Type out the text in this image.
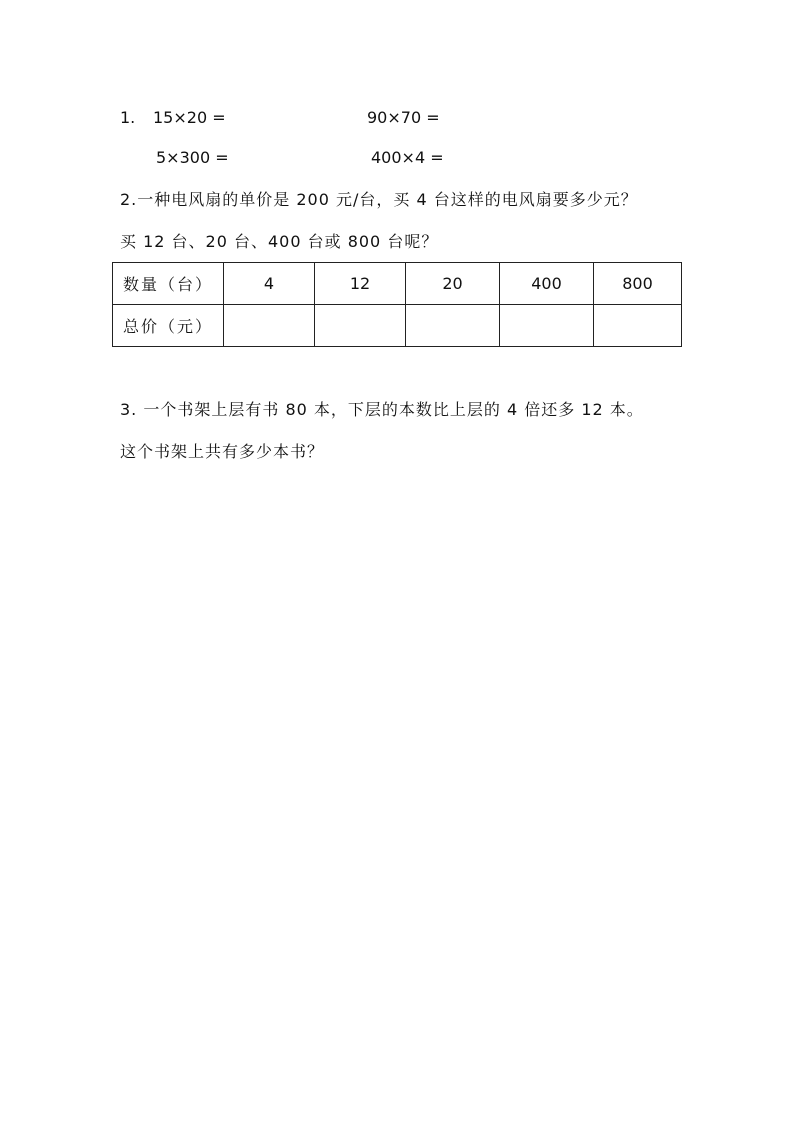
1. 15×20 =	90×70 =
5×300 =	400×4 =
2.一种电风扇的单价是 200 元/台，买 4 台这样的电风扇要多少元？
买 12 台、20 台、400 台或 800 台呢？
数量（台）	4	12	20	400	800
总价（元）					
3. 一个书架上层有书 80 本，下层的本数比上层的 4 倍还多 12 本。
这个书架上共有多少本书？
